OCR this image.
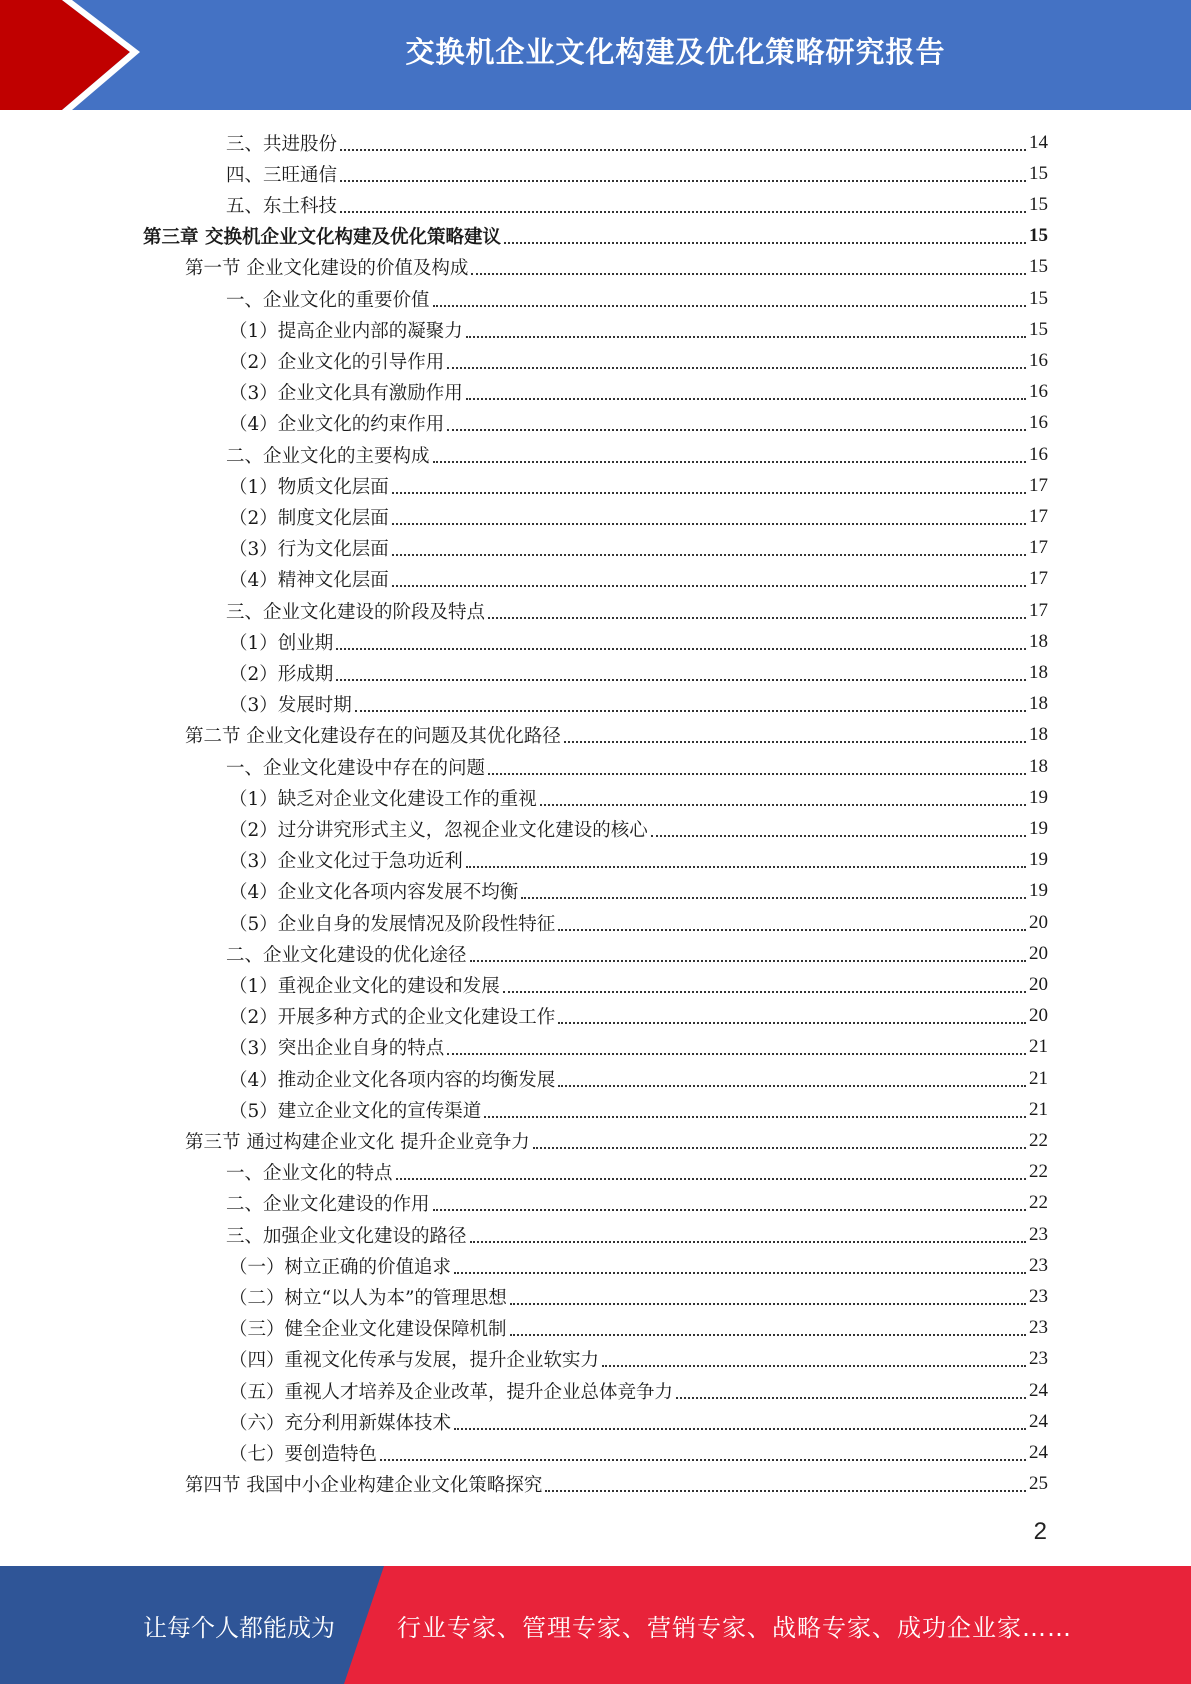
交换机企业文化构建及优化策略研究报告
三、共进股份	14
四、三旺通信	15
五、东土科技	15
第三章 交换机企业文化构建及优化策略建议	15
第一节 企业文化建设的价值及构成	15
一、企业文化的重要价值	15
（1）提高企业内部的凝聚力	15
（2）企业文化的引导作用	16
（3）企业文化具有激励作用	16
（4）企业文化的约束作用	16
二、企业文化的主要构成	16
（1）物质文化层面	17
（2）制度文化层面	17
（3）行为文化层面	17
（4）精神文化层面	17
三、企业文化建设的阶段及特点	17
（1）创业期	18
（2）形成期	18
（3）发展时期	18
第二节 企业文化建设存在的问题及其优化路径	18
一、企业文化建设中存在的问题	18
（1）缺乏对企业文化建设工作的重视	19
（2）过分讲究形式主义，忽视企业文化建设的核心	19
（3）企业文化过于急功近利	19
（4）企业文化各项内容发展不均衡	19
（5）企业自身的发展情况及阶段性特征	20
二、企业文化建设的优化途径	20
（1）重视企业文化的建设和发展	20
（2）开展多种方式的企业文化建设工作	20
（3）突出企业自身的特点	21
（4）推动企业文化各项内容的均衡发展	21
（5）建立企业文化的宣传渠道	21
第三节 通过构建企业文化 提升企业竞争力	22
一、企业文化的特点	22
二、企业文化建设的作用	22
三、加强企业文化建设的路径	23
（一）树立正确的价值追求	23
（二）树立“以人为本”的管理思想	23
（三）健全企业文化建设保障机制	23
（四）重视文化传承与发展，提升企业软实力	23
（五）重视人才培养及企业改革，提升企业总体竞争力	24
（六）充分利用新媒体技术	24
（七）要创造特色	24
第四节 我国中小企业构建企业文化策略探究	25
2
让每个人都能成为	行业专家、管理专家、营销专家、战略专家、成功企业家……
